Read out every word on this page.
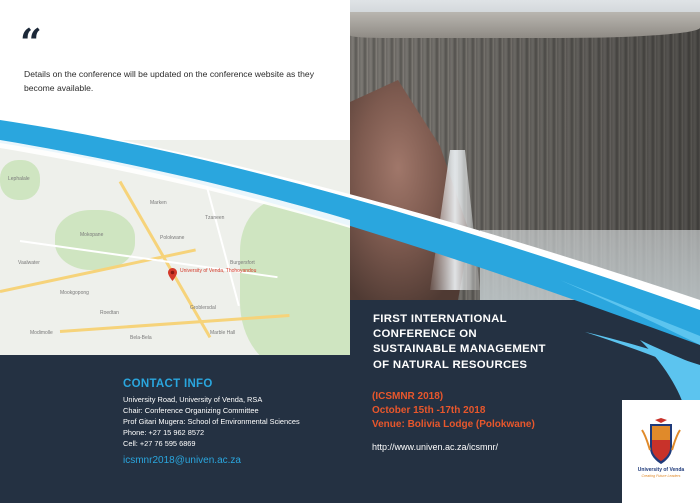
“
Details on the conference will be updated on the conference website as they become available.
Lephalale
Mokopane	Polokwane
Tzaneen
Mookgopong
Roedtan
Groblersdal
Marble Hall
Burgersfort
Modimolle
Bela-Bela
Marken
Vaalwater
University of Venda, Thohoyandou
CONTACT INFO
University Road, University of Venda, RSA
Chair: Conference Organizing Committee
Prof Gitari Mugera: School of Environmental Sciences
Phone: +27 15 962 8572
Cell: +27 76 595 6869
icsmnr2018@univen.ac.za
FIRST INTERNATIONAL
CONFERENCE ON
SUSTAINABLE MANAGEMENT
OF NATURAL RESOURCES
(ICSMNR 2018)
October 15th -17th 2018
Venue: Bolivia Lodge (Polokwane)
http://www.univen.ac.za/icsmnr/
University of Venda
Creating Future Leaders
